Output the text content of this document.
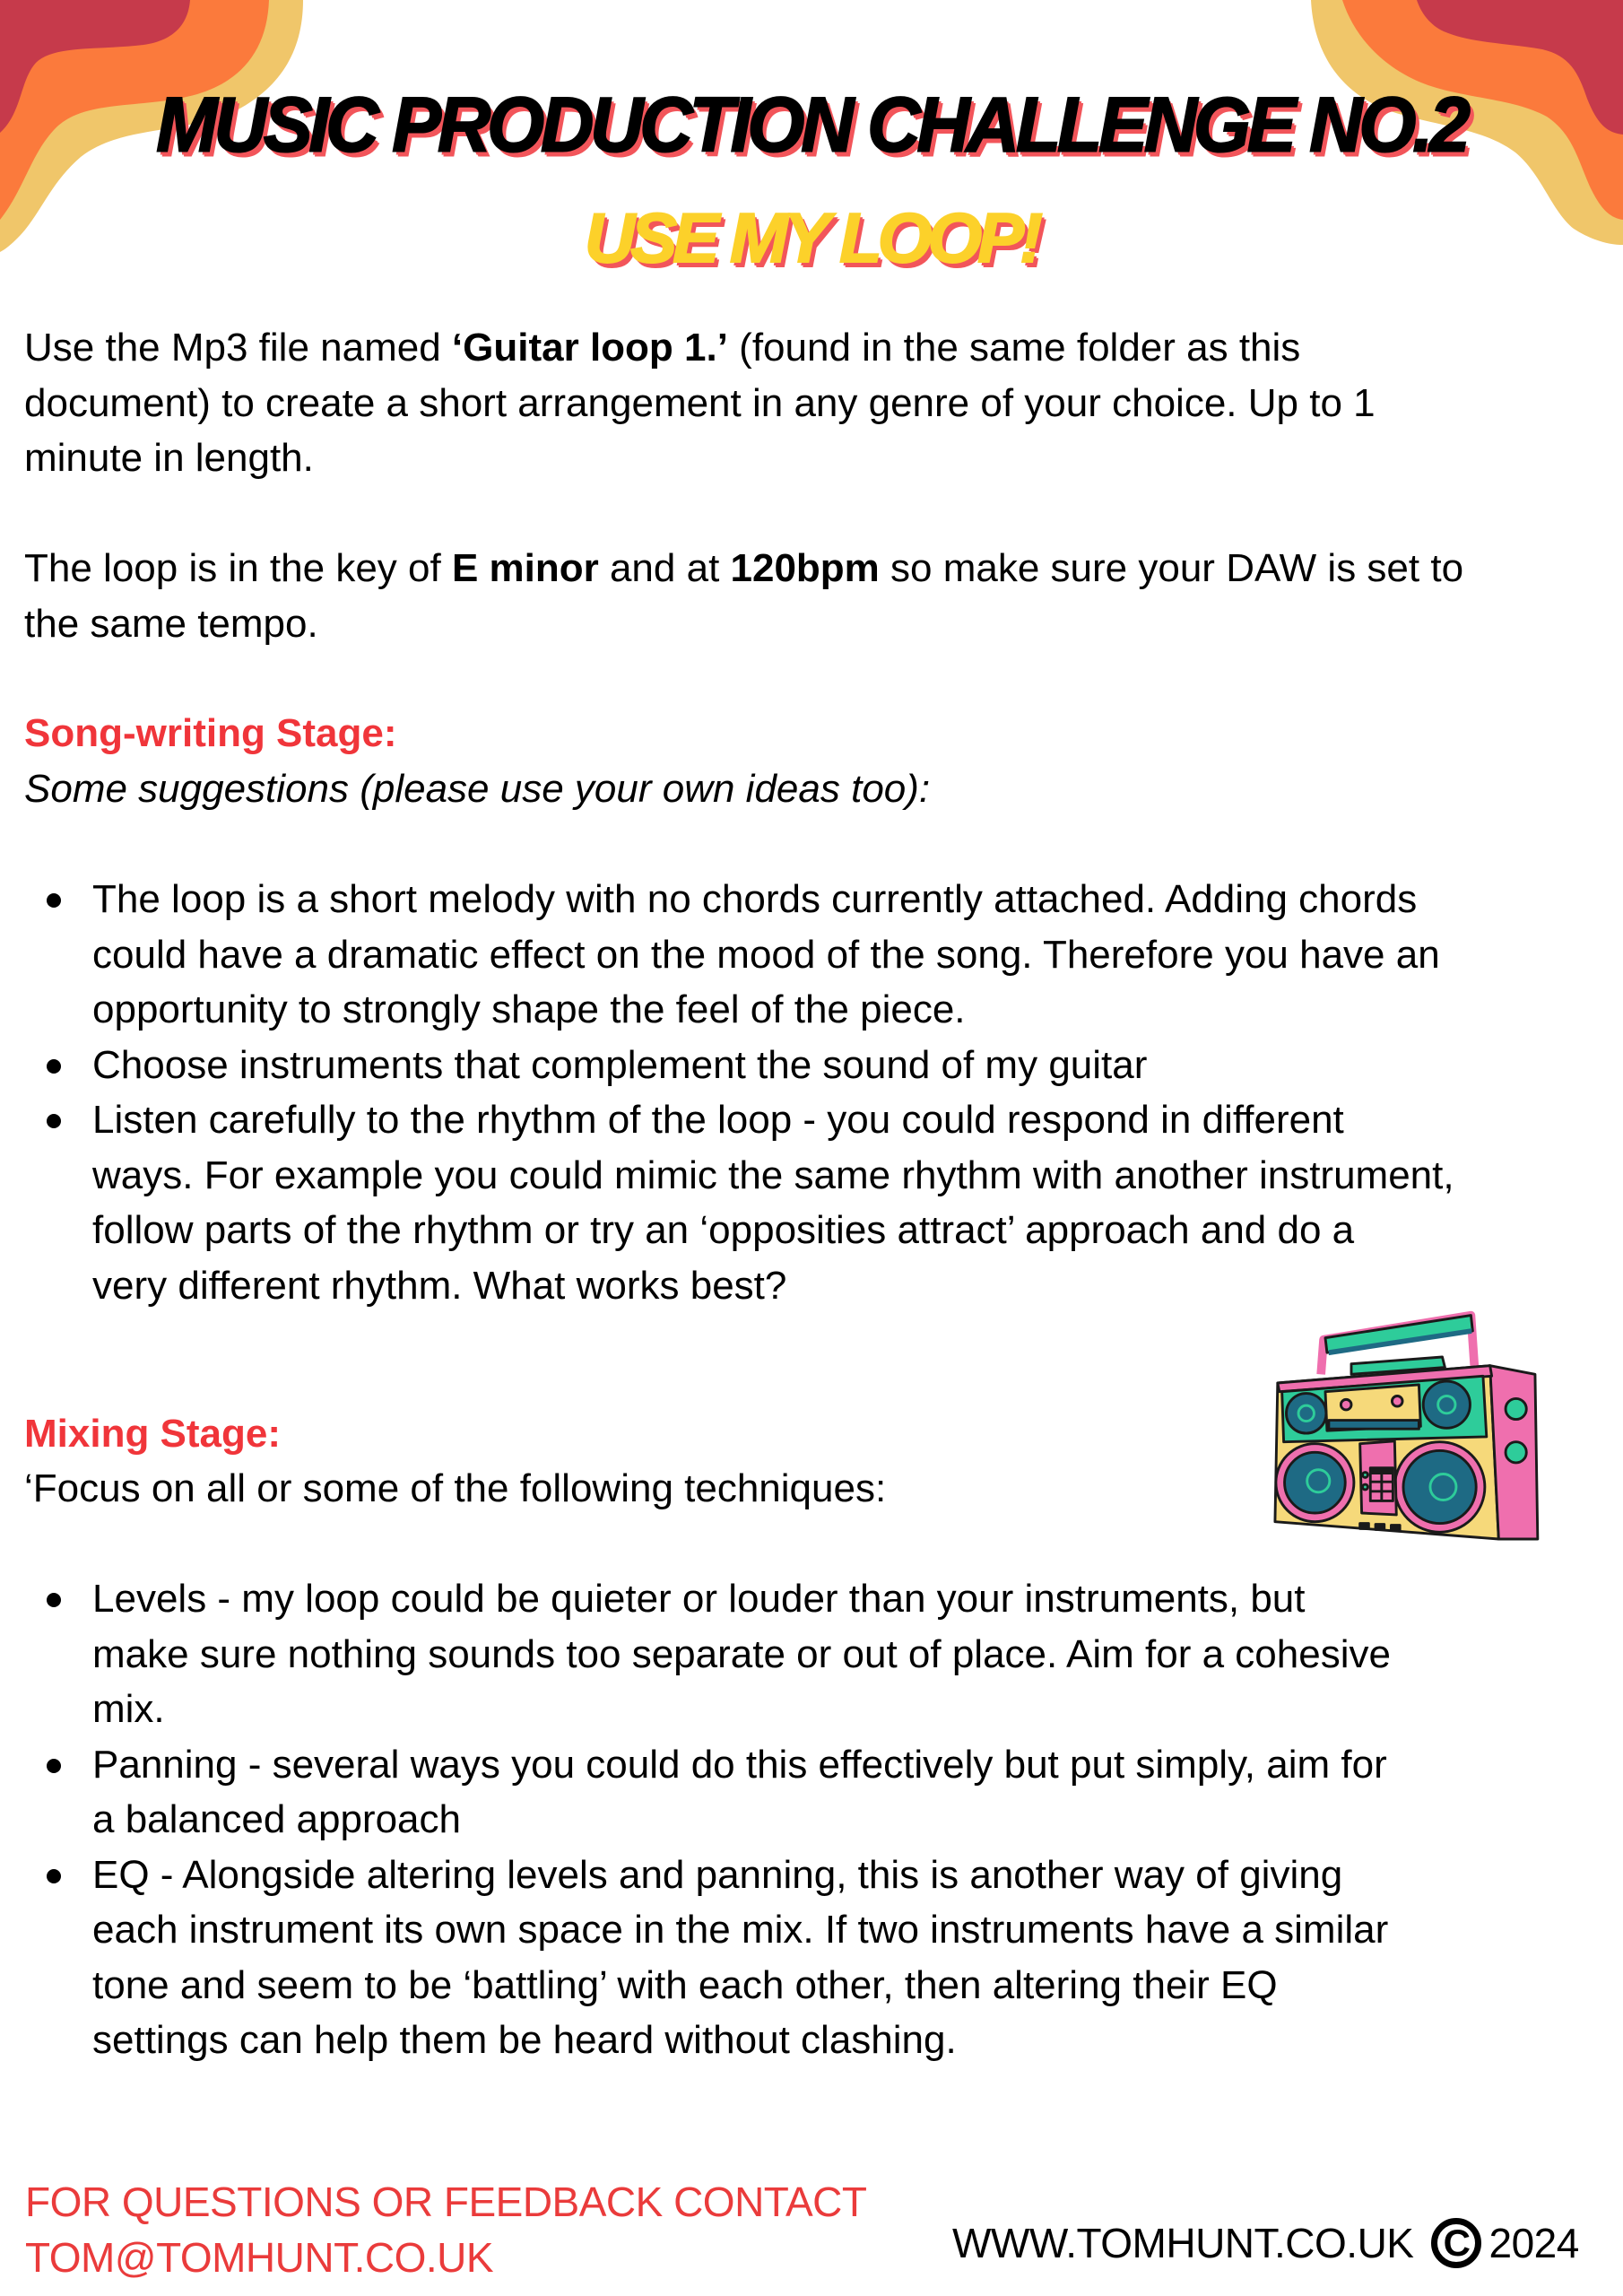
MUSIC PRODUCTION CHALLENGE NO.2
USE MY LOOP!
Use the Mp3 file named ‘Guitar loop 1.’ (found in the same folder as this
document) to create a short arrangement in any genre of your choice. Up to 1
minute in length.
The loop is in the key of E minor and at 120bpm so make sure your DAW is set to
the same tempo.
Song-writing Stage:
Some suggestions (please use your own ideas too):
The loop is a short melody with no chords currently attached. Adding chords
could have a dramatic effect on the mood of the song. Therefore you have an
opportunity to strongly shape the feel of the piece.
Choose instruments that complement the sound of my guitar
Listen carefully to the rhythm of the loop - you could respond in different
ways. For example you could mimic the same rhythm with another instrument,
follow parts of the rhythm or try an ‘opposities attract’ approach and do a
very different rhythm. What works best?
Mixing Stage:
‘Focus on all or some of the following techniques:
Levels - my loop could be quieter or louder than your instruments, but
make sure nothing sounds too separate or out of place. Aim for a cohesive
mix.
Panning - several ways you could do this effectively but put simply, aim for
a balanced approach
EQ - Alongside altering levels and panning, this is another way of giving
each instrument its own space in the mix. If two instruments have a similar
tone and seem to be ‘battling’ with each other, then altering their EQ
settings can help them be heard without clashing.
FOR QUESTIONS OR FEEDBACK CONTACT
TOM@TOMHUNT.CO.UK	WWW.TOMHUNT.CO.UK C 2024
